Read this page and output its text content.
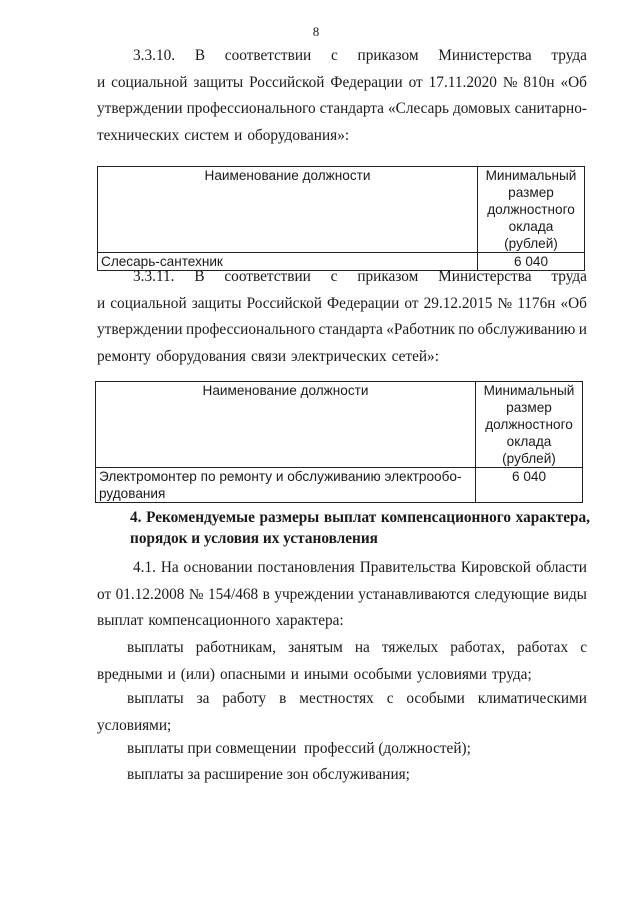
8
3.3.10. В соответствии с приказом Министерства труда
и социальной защиты Российской Федерации от 17.11.2020 № 810н «Об
утверждении профессионального стандарта «Слесарь домовых санитарно-
технических систем и оборудования»:
Наименование должности	Минимальный
размер
должностного
оклада (рублей)

Слесарь-сантехник	6 040
3.3.11. В соответствии с приказом Министерства труда
и социальной защиты Российской Федерации от 29.12.2015 № 1176н «Об
утверждении профессионального стандарта «Работник по обслуживанию и
ремонту оборудования связи электрических сетей»:
Наименование должности	Минимальный
размер
должностного
оклада (рублей)

Электромонтер по ремонту и обслуживанию электрообо-
рудования	6 040
4. Рекомендуемые размеры выплат компенсационного характера,
порядок и условия их установления
4.1. На основании постановления Правительства Кировской области
от 01.12.2008 № 154/468 в учреждении устанавливаются следующие виды
выплат компенсационного характера:
выплаты работникам, занятым на тяжелых работах, работах с
вредными и (или) опасными и иными особыми условиями труда;
выплаты за работу в местностях с особыми климатическими
условиями;
выплаты при совмещении  профессий (должностей);
выплаты за расширение зон обслуживания;
